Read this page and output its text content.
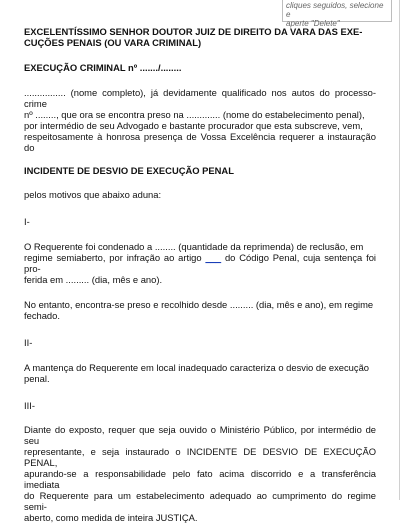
cliques seguidos, selecione e
aperte "Delete"
EXCELENTÍSSIMO SENHOR DOUTOR JUIZ DE DIREITO DA VARA DAS EXE-
CUÇÕES PENAIS (OU VARA CRIMINAL)
EXECUÇÃO CRIMINAL nº ......./........
................ (nome completo), já devidamente qualificado nos autos do processo-crime
nº ........, que ora se encontra preso na ............. (nome do estabelecimento penal),
por intermédio de seu Advogado e bastante procurador que esta subscreve, vem,
respeitosamente à honrosa presença de Vossa Excelência requerer a instauração do
INCIDENTE DE DESVIO DE EXECUÇÃO PENAL
pelos motivos que abaixo aduna:
I-
O Requerente foi condenado a ........ (quantidade da reprimenda) de reclusão, em
regime semiaberto, por infração ao artigo ___ do Código Penal, cuja sentença foi pro-
ferida em ......... (dia, mês e ano).
No entanto, encontra-se preso e recolhido desde ......... (dia, mês e ano), em regime
fechado.
II-
A mantença do Requerente em local inadequado caracteriza o desvio de execução
penal.
III-
Diante do exposto, requer que seja ouvido o Ministério Público, por intermédio de seu
representante, e seja instaurado o INCIDENTE DE DESVIO DE EXECUÇÃO PENAL,
apurando-se a responsabilidade pelo fato acima discorrido e a transferência imediata
do Requerente para um estabelecimento adequado ao cumprimento do regime semi-
aberto, como medida de inteira JUSTIÇA.
